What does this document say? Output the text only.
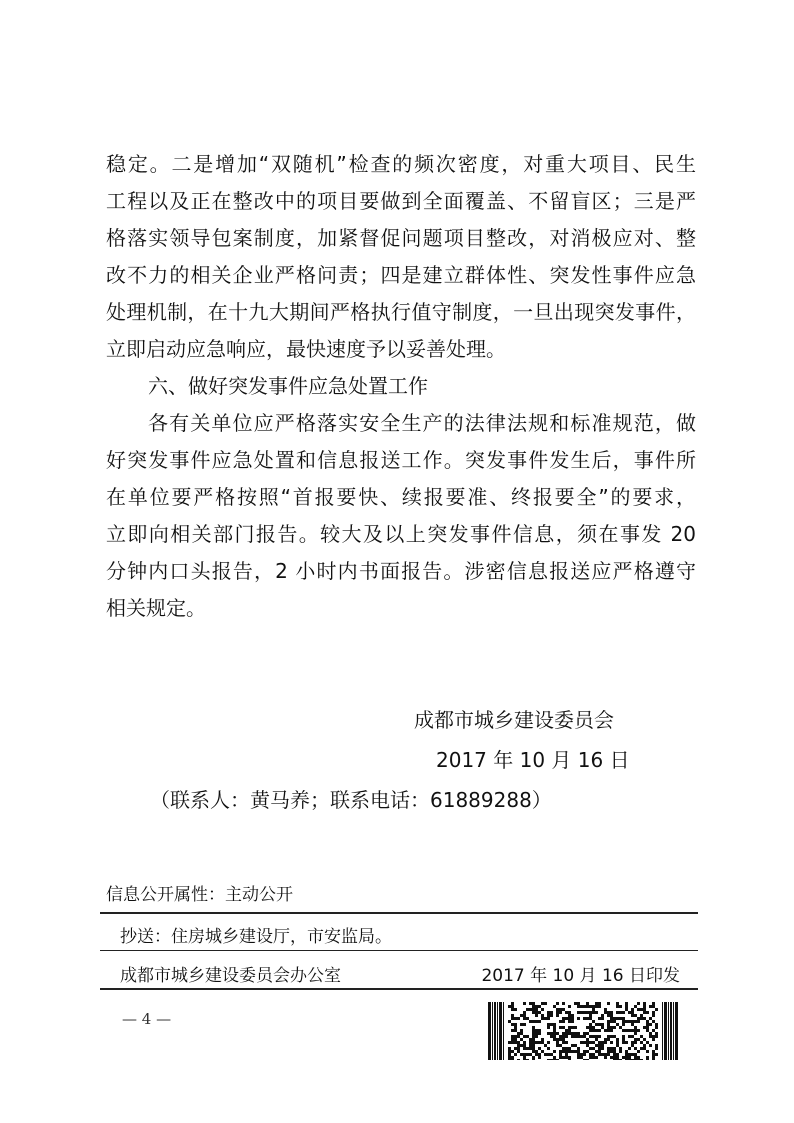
稳定。二是增加“双随机”检查的频次密度，对重大项目、民生
工程以及正在整改中的项目要做到全面覆盖、不留盲区；三是严
格落实领导包案制度，加紧督促问题项目整改，对消极应对、整
改不力的相关企业严格问责；四是建立群体性、突发性事件应急
处理机制，在十九大期间严格执行值守制度，一旦出现突发事件，
立即启动应急响应，最快速度予以妥善处理。
六、做好突发事件应急处置工作
各有关单位应严格落实安全生产的法律法规和标准规范，做
好突发事件应急处置和信息报送工作。突发事件发生后，事件所
在单位要严格按照“首报要快、续报要准、终报要全”的要求，
立即向相关部门报告。较大及以上突发事件信息，须在事发 20
分钟内口头报告，2 小时内书面报告。涉密信息报送应严格遵守
相关规定。
成都市城乡建设委员会
2017 年 10 月 16 日
（联系人：黄马养；联系电话：61889288）
信息公开属性：主动公开
抄送：住房城乡建设厅，市安监局。
成都市城乡建设委员会办公室	2017 年 10 月 16 日印发
— 4 —
